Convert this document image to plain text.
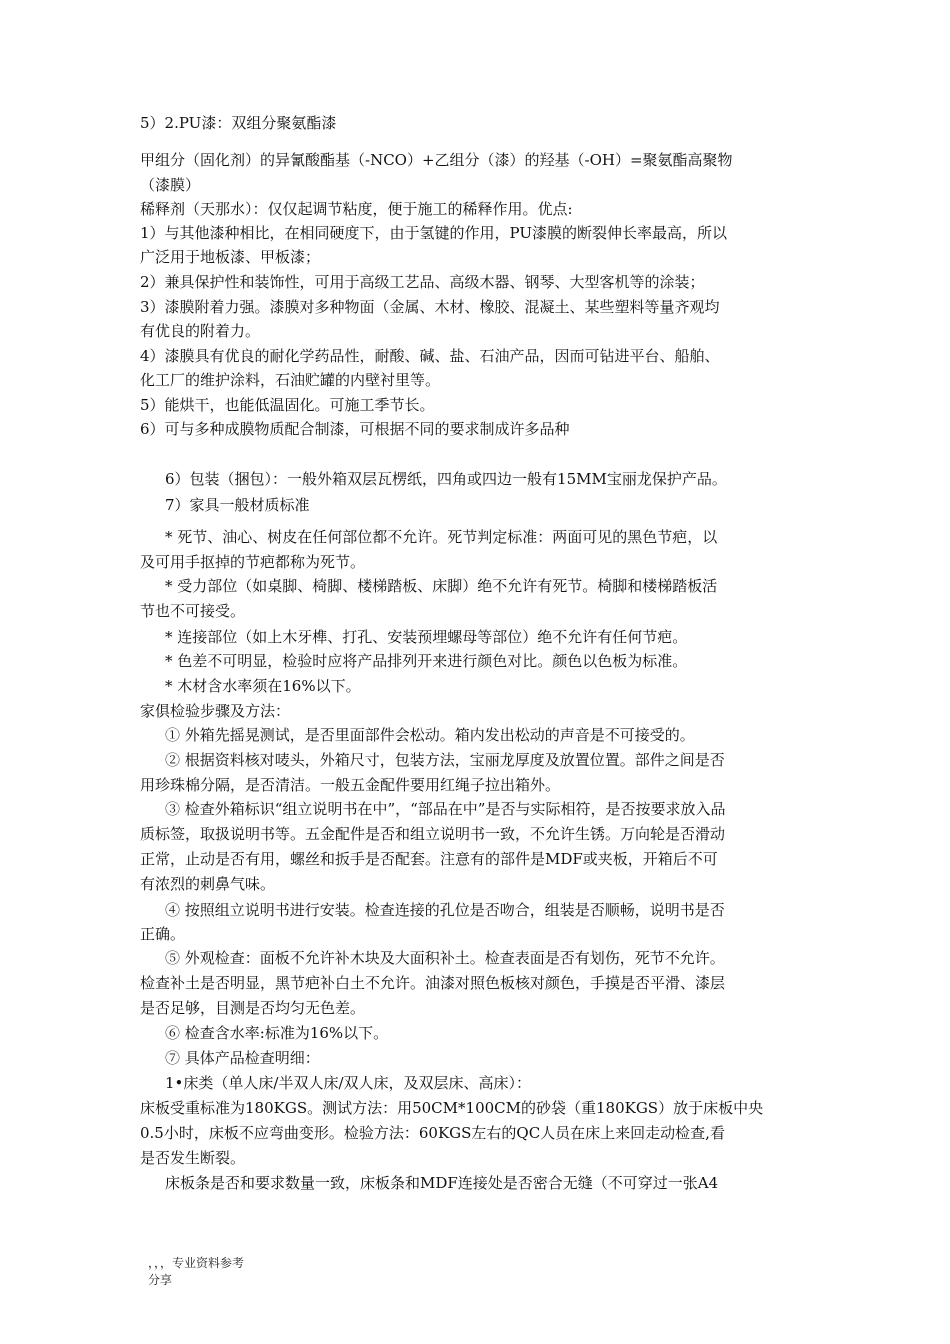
5）2.PU漆：双组分聚氨酯漆
甲组分（固化剂）的异氰酸酯基（-NCO）+乙组分（漆）的羟基（-OH）=聚氨酯高聚物
（漆膜）
稀释剂（天那水）：仅仅起调节粘度，便于施工的稀释作用。优点:
1）与其他漆种相比，在相同硬度下，由于氢键的作用，PU漆膜的断裂伸长率最高，所以
广泛用于地板漆、甲板漆；
2）兼具保护性和装饰性，可用于高级工艺品、高级木器、钢琴、大型客机等的涂装；
3）漆膜附着力强。漆膜对多种物面（金属、木材、橡胶、混凝土、某些塑料等量齐观均
有优良的附着力。
4）漆膜具有优良的耐化学药品性，耐酸、碱、盐、石油产品，因而可钻进平台、船舶、
化工厂的维护涂料，石油贮罐的内壁衬里等。
5）能烘干，也能低温固化。可施工季节长。
6）可与多种成膜物质配合制漆，可根据不同的要求制成许多品种
6）包装（捆包）：一般外箱双层瓦楞纸，四角或四边一般有15MM宝丽龙保护产品。
7）家具一般材质标准
* 死节、油心、树皮在任何部位都不允许。死节判定标准：两面可见的黑色节疤，以
及可用手抠掉的节疤都称为死节。
* 受力部位（如桌脚、椅脚、楼梯踏板、床脚）绝不允许有死节。椅脚和楼梯踏板活
节也不可接受。
* 连接部位（如上木牙榫、打孔、安装预埋螺母等部位）绝不允许有任何节疤。
* 色差不可明显，检验时应将产品排列开来进行颜色对比。颜色以色板为标准。
* 木材含水率须在16%以下。
家俱检验步骤及方法：
① 外箱先摇晃测试，是否里面部件会松动。箱内发出松动的声音是不可接受的。
② 根据资料核对唛头，外箱尺寸，包装方法，宝丽龙厚度及放置位置。部件之间是否
用珍珠棉分隔，是否清洁。一般五金配件要用红绳子拉出箱外。
③ 检查外箱标识“组立说明书在中”，“部品在中”是否与实际相符，是否按要求放入品
质标签，取扱说明书等。五金配件是否和组立说明书一致，不允许生锈。万向轮是否滑动
正常，止动是否有用，螺丝和扳手是否配套。注意有的部件是MDF或夹板，开箱后不可
有浓烈的刺鼻气味。
④ 按照组立说明书进行安装。检查连接的孔位是否吻合，组装是否顺畅，说明书是否
正确。
⑤ 外观检查：面板不允许补木块及大面积补土。检查表面是否有划伤，死节不允许。
检查补土是否明显，黑节疤补白土不允许。油漆对照色板核对颜色，手摸是否平滑、漆层
是否足够，目测是否均匀无色差。
⑥ 检查含水率:标准为16%以下。
⑦ 具体产品检查明细：
1•床类（单人床/半双人床/双人床，及双层床、高床）：
床板受重标准为180KGS。测试方法：用50CM*100CM的砂袋（重180KGS）放于床板中央
0.5小时，床板不应弯曲变形。检验方法：60KGS左右的QC人员在床上来回走动检查,看
是否发生断裂。
床板条是否和要求数量一致，床板条和MDF连接处是否密合无缝（不可穿过一张A4
，，，专业资料参考
分享
